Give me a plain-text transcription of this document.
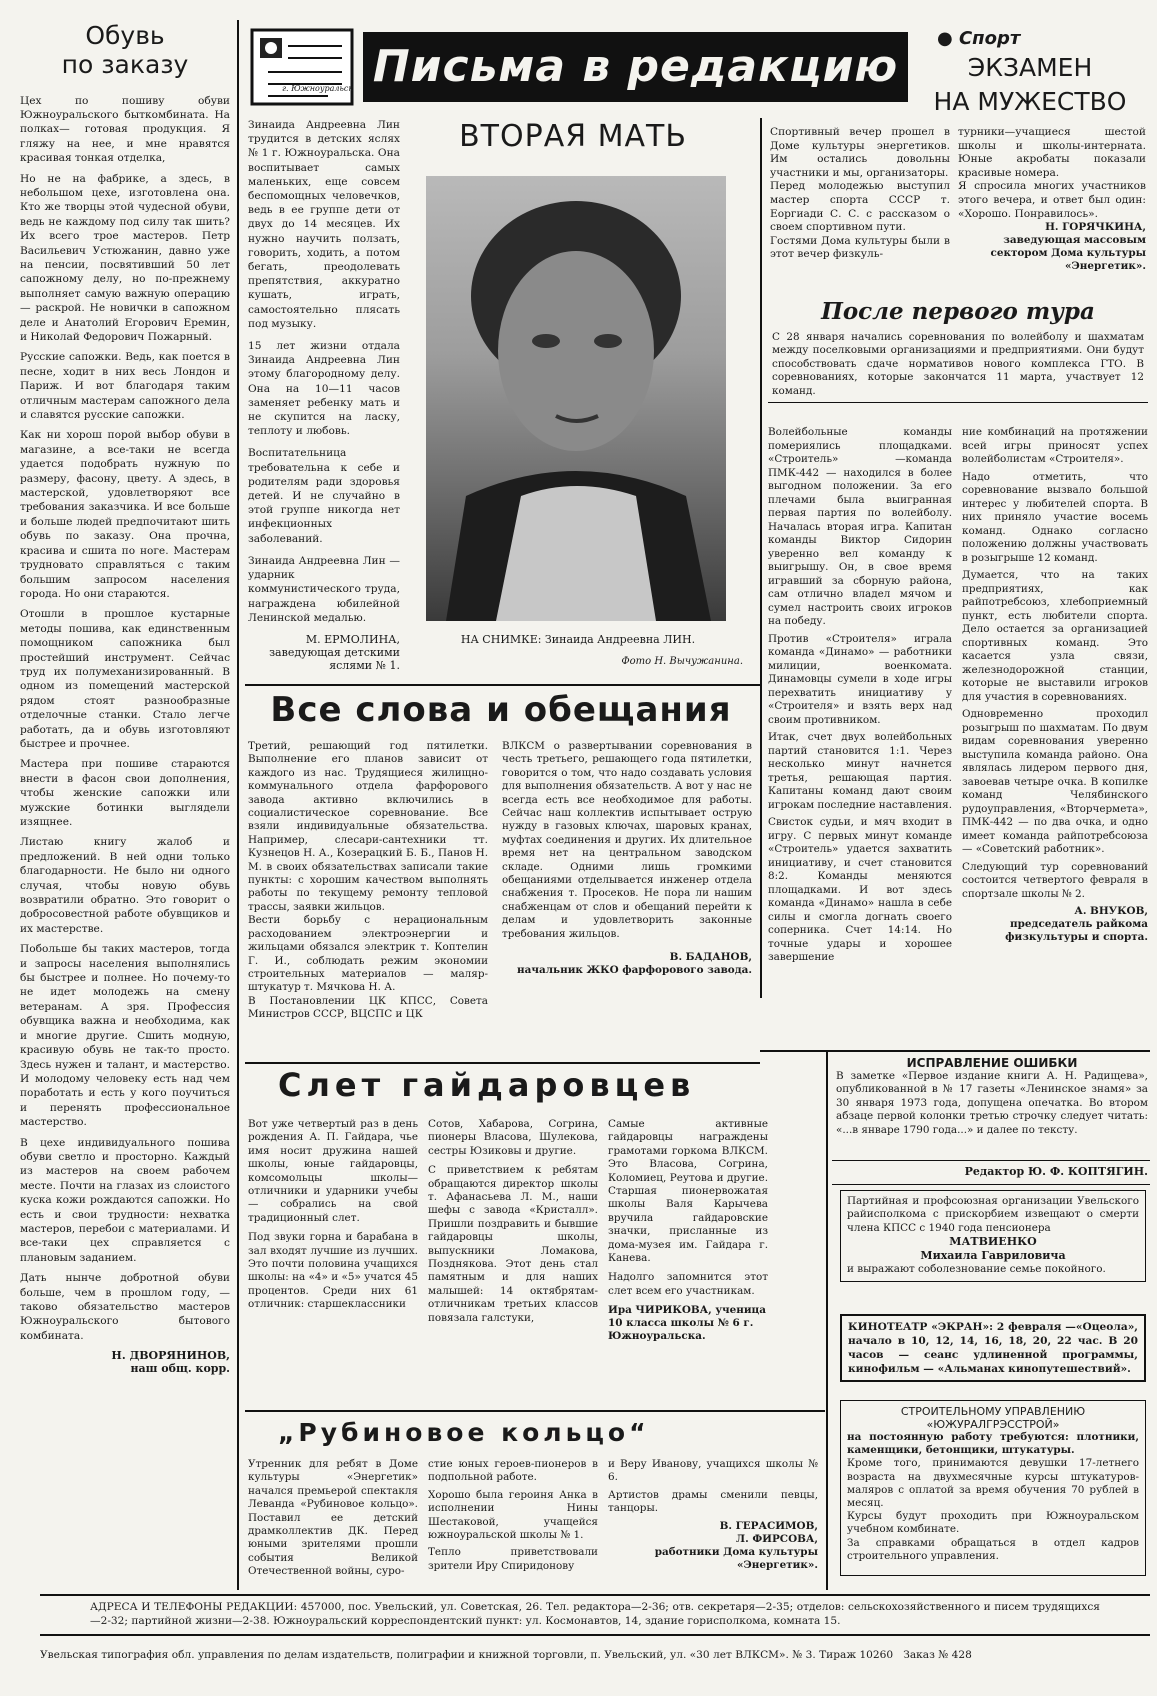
Обувь
по заказу

Цех по пошиву обуви Южноуральского быткомбината. На полках— готовая продукция. Я гляжу на нее, и мне нравятся красивая тонкая отделка,

Но не на фабрике, а здесь, в небольшом цехе, изготовлена она. Кто же творцы этой чудесной обуви, ведь не каждому под силу так шить? Их всего трое мастеров. Петр Васильевич Устюжанин, давно уже на пенсии, посвятивший 50 лет сапожному делу, но по-прежнему выполняет самую важную операцию — раскрой. Не новички в сапожном деле и Анатолий Егорович Еремин, и Николай Федорович Пожарный.

Русские сапожки. Ведь, как поется в песне, ходит в них весь Лондон и Париж. И вот благодаря таким отличным мастерам сапожного дела и славятся русские сапожки.

Как ни хорош порой выбор обуви в магазине, а все-таки не всегда удается подобрать нужную по размеру, фасону, цвету. А здесь, в мастерской, удовлетворяют все требования заказчика. И все больше и больше людей предпочитают шить обувь по заказу. Она прочна, красива и сшита по ноге. Мастерам трудновато справляться с таким большим запросом населения города. Но они стараются.

Отошли в прошлое кустарные методы пошива, как единственным помощником сапожника был простейший инструмент. Сейчас труд их полумеханизированный. В одном из помещений мастерской рядом стоят разнообразные отделочные станки. Стало легче работать, да и обувь изготовляют быстрее и прочнее.

Мастера при пошиве стараются внести в фасон свои дополнения, чтобы женские сапожки или мужские ботинки выглядели изящнее.

Листаю книгу жалоб и предложений. В ней одни только благодарности. Не было ни одного случая, чтобы новую обувь возвратили обратно. Это говорит о добросовестной работе обувщиков и их мастерстве.

Побольше бы таких мастеров, тогда и запросы населения выполнялись бы быстрее и полнее. Но почему-то не идет молодежь на смену ветеранам. А зря. Профессия обувщика важна и необходима, как и многие другие. Сшить модную, красивую обувь не так-то просто. Здесь нужен и талант, и мастерство. И молодому человеку есть над чем поработать и есть у кого поучиться и перенять профессиональное мастерство.

В цехе индивидуального пошива обуви светло и просторно. Каждый из мастеров на своем рабочем месте. Почти на глазах из слоистого куска кожи рождаются сапожки. Но есть и свои трудности: нехватка мастеров, перебои с материалами. И все-таки цех справляется с плановым заданием.

Дать нынче добротной обуви больше, чем в прошлом году, — таково обязательство мастеров Южноуральского бытового комбината.

Н. ДВОРЯНИНОВ,
наш общ. корр.

г. Южноуральск Письма в редакцию

Зинаида Андреевна Лин трудится в детских яслях № 1 г. Южноуральска. Она воспитывает самых маленьких, еще совсем беспомощных человечков, ведь в ее группе дети от двух до 14 месяцев. Их нужно научить ползать, говорить, ходить, а потом бегать, преодолевать препятствия, аккуратно кушать, играть, самостоятельно плясать под музыку.

15 лет жизни отдала Зинаида Андреевна Лин этому благородному делу. Она на 10—11 часов заменяет ребенку мать и не скупится на ласку, теплоту и любовь.

Воспитательница требовательна к себе и родителям ради здоровья детей. И не случайно в этой группе никогда нет инфекционных заболеваний.

Зинаида Андреевна Лин — ударник коммунистического труда, награждена юбилейной Ленинской медалью.

М. ЕРМОЛИНА,
заведующая детскими яслями № 1.

ВТОРАЯ МАТЬ
НА СНИМКЕ: Зинаида Андреевна ЛИН.
Фото Н. Вычужанина.
● Спорт
ЭКЗАМЕН
НА МУЖЕСТВО

Спортивный вечер прошел в Доме культуры энергетиков. Им остались довольны участники и мы, организаторы.

Перед молодежью выступил мастер спорта СССР т. Еоргиади С. С. с рассказом о своем спортивном пути.

Гостями Дома культуры были в этот вечер физкуль-

турники—учащиеся шестой школы и школы-интерната. Юные акробаты показали красивые номера.

Я спросила многих участников этого вечера, и ответ был один: «Хорошо. Понравилось».

Н. ГОРЯЧКИНА,
заведующая массовым сектором Дома культуры «Энергетик».

После первого тура

С 28 января начались соревнования по волейболу и шахматам между поселковыми организациями и предприятиями. Они будут способствовать сдаче нормативов нового комплекса ГТО. В соревнованиях, которые закончатся 11 марта, участвует 12 команд.

Волейбольные команды помериялись площадками. «Строитель» —команда ПМК-442 — находился в более выгодном положении. За его плечами была выигранная первая партия по волейболу. Началась вторая игра. Капитан команды Виктор Сидорин уверенно вел команду к выигрышу. Он, в свое время игравший за сборную района, сам отлично владел мячом и сумел настроить своих игроков на победу.

Против «Строителя» играла команда «Динамо» — работники милиции, военкомата. Динамовцы сумели в ходе игры перехватить инициативу у «Строителя» и взять верх над своим противником.

Итак, счет двух волейбольных партий становится 1:1. Через несколько минут начнется третья, решающая партия. Капитаны команд дают своим игрокам последние наставления.

Свисток судьи, и мяч входит в игру. С первых минут команде «Строитель» удается захватить инициативу, и счет становится 8:2. Команды меняются площадками. И вот здесь команда «Динамо» нашла в себе силы и смогла догнать своего соперника. Счет 14:14. Но точные удары и хорошее завершение

ние комбинаций на протяжении всей игры приносят успех волейболистам «Строителя».

Надо отметить, что соревнование вызвало большой интерес у любителей спорта. В них приняло участие восемь команд. Однако согласно положению должны участвовать в розыгрыше 12 команд.

Думается, что на таких предприятиях, как райпотребсоюз, хлебоприемный пункт, есть любители спорта. Дело остается за организацией спортивных команд. Это касается узла связи, железнодорожной станции, которые не выставили игроков для участия в соревнованиях.

Одновременно проходил розыгрыш по шахматам. По двум видам соревнования уверенно выступила команда районо. Она являлась лидером первого дня, завоевав четыре очка. В копилке команд Челябинского рудоуправления, «Вторчермета», ПМК-442 — по два очка, и одно имеет команда райпотребсоюза — «Советский работник».

Следующий тур соревнований состоится четвертого февраля в спортзале школы № 2.

А. ВНУКОВ,
председатель райкома физкультуры и спорта.

Все слова и обещания

Третий, решающий год пятилетки. Выполнение его планов зависит от каждого из нас. Трудящиеся жилищно-коммунального отдела фарфорового завода активно включились в социалистическое соревнование. Все взяли индивидуальные обязательства. Например, слесари-сантехники тт. Кузнецов Н. А., Козерацкий Б. Б., Панов Н. М. в своих обязательствах записали такие пункты: с хорошим качеством выполнять работы по текущему ремонту тепловой трассы, заявки жильцов.

Вести борьбу с нерациональным расходованием электроэнергии и жильцами обязался электрик т. Коптелин Г. И., соблюдать режим экономии строительных материалов — маляр-штукатур т. Мячкова Н. А.

В Постановлении ЦК КПСС, Совета Министров СССР, ВЦСПС и ЦК

ВЛКСМ о развертывании соревнования в честь третьего, решающего года пятилетки, говорится о том, что надо создавать условия для выполнения обязательств. А вот у нас не всегда есть все необходимое для работы. Сейчас наш коллектив испытывает острую нужду в газовых ключах, шаровых кранах, муфтах соединения и других. Их длительное время нет на центральном заводском складе. Одними лишь громкими обещаниями отделывается инженер отдела снабжения т. Просеков. Не пора ли нашим снабженцам от слов и обещаний перейти к делам и удовлетворить законные требования жильцов.

В. БАДАНОВ,
начальник ЖКО фарфорового завода.

Слет гайдаровцев

Вот уже четвертый раз в день рождения А. П. Гайдара, чье имя носит дружина нашей школы, юные гайдаровцы, комсомольцы школы—отличники и ударники учебы — собрались на свой традиционный слет.

Под звуки горна и барабана в зал входят лучшие из лучших. Это почти половина учащихся школы: на «4» и «5» учатся 45 процентов. Среди них 61 отличник: старшеклассники

Сотов, Хабарова, Согрина, пионеры Власова, Шулекова, сестры Юзиковы и другие.

С приветствием к ребятам обращаются директор школы т. Афанасьева Л. М., наши шефы с завода «Кристалл». Пришли поздравить и бывшие гайдаровцы школы, выпускники Ломакова, Позднякова. Этот день стал памятным и для наших малышей: 14 октябрятам-отличникам третьих классов повязала галстуки,

Самые активные гайдаровцы награждены грамотами горкома ВЛКСМ. Это Власова, Согрина, Коломиец, Реутова и другие. Старшая пионервожатая школы Валя Карычева вручила гайдаровские значки, присланные из дома-музея им. Гайдара г. Канева.

Надолго запомнится этот слет всем его участникам.

Ира ЧИРИКОВА, ученица 10 класса школы № 6 г. Южноуральска.

„Рубиновое кольцо“

Утренник для ребят в Доме культуры «Энергетик» начался премьерой спектакля Леванда «Рубиновое кольцо». Поставил ее детский драмколлектив ДК. Перед юными зрителями прошли события Великой Отечественной войны, суро-

стие юных героев-пионеров в подпольной работе.

Хорошо была героиня Анка в исполнении Нины Шестаковой, учащейся южноуральской школы № 1.

Тепло приветствовали зрители Иру Спиридонову

и Веру Иванову, учащихся школы № 6.

Артистов драмы сменили певцы, танцоры.

В. ГЕРАСИМОВ,
Л. ФИРСОВА,
работники Дома культуры «Энергетик».

ИСПРАВЛЕНИЕ ОШИБКИ

В заметке «Первое издание книги А. Н. Радищева», опубликованной в № 17 газеты «Ленинское знамя» за 30 января 1973 года, допущена опечатка. Во втором абзаце первой колонки третью строчку следует читать: «...в январе 1790 года...» и далее по тексту.

Редактор Ю. Ф. КОПТЯГИН.

Партийная и профсоюзная организации Увельского райисполкома с прискорбием извещают о смерти члена КПСС с 1940 года пенсионера

МАТВИЕНКО
Михаила Гавриловича

и выражают соболезнование семье покойного.

КИНОТЕАТР «ЭКРАН»: 2 февраля —«Оцеола», начало в 10, 12, 14, 16, 18, 20, 22 час. В 20 часов — сеанс удлиненной программы, кинофильм — «Альманах кинопутешествий».

СТРОИТЕЛЬНОМУ УПРАВЛЕНИЮ
«ЮЖУРАЛГРЭССТРОЙ»

на постоянную работу требуются: плотники, каменщики, бетонщики, штукатуры.

Кроме того, принимаются девушки 17-летнего возраста на двухмесячные курсы штукатуров-маляров с оплатой за время обучения 70 рублей в месяц.

Курсы будут проходить при Южноуральском учебном комбинате.

За справками обращаться в отдел кадров строительного управления.

АДРЕСА И ТЕЛЕФОНЫ РЕДАКЦИИ: 457000, пос. Увельский, ул. Советская, 26. Тел. редактора—2-36; отв. секретаря—2-35; отделов: сельскохозяйственного и писем трудящихся—2-32; партийной жизни—2-38. Южноуральский корреспондентский пункт: ул. Космонавтов, 14, здание горисполкома, комната 15.
Увельская типография обл. управления по делам издательств, полиграфии и книжной торговли, п. Увельский, ул. «30 лет ВЛКСМ». № 3. Тираж 10260   Заказ № 428
